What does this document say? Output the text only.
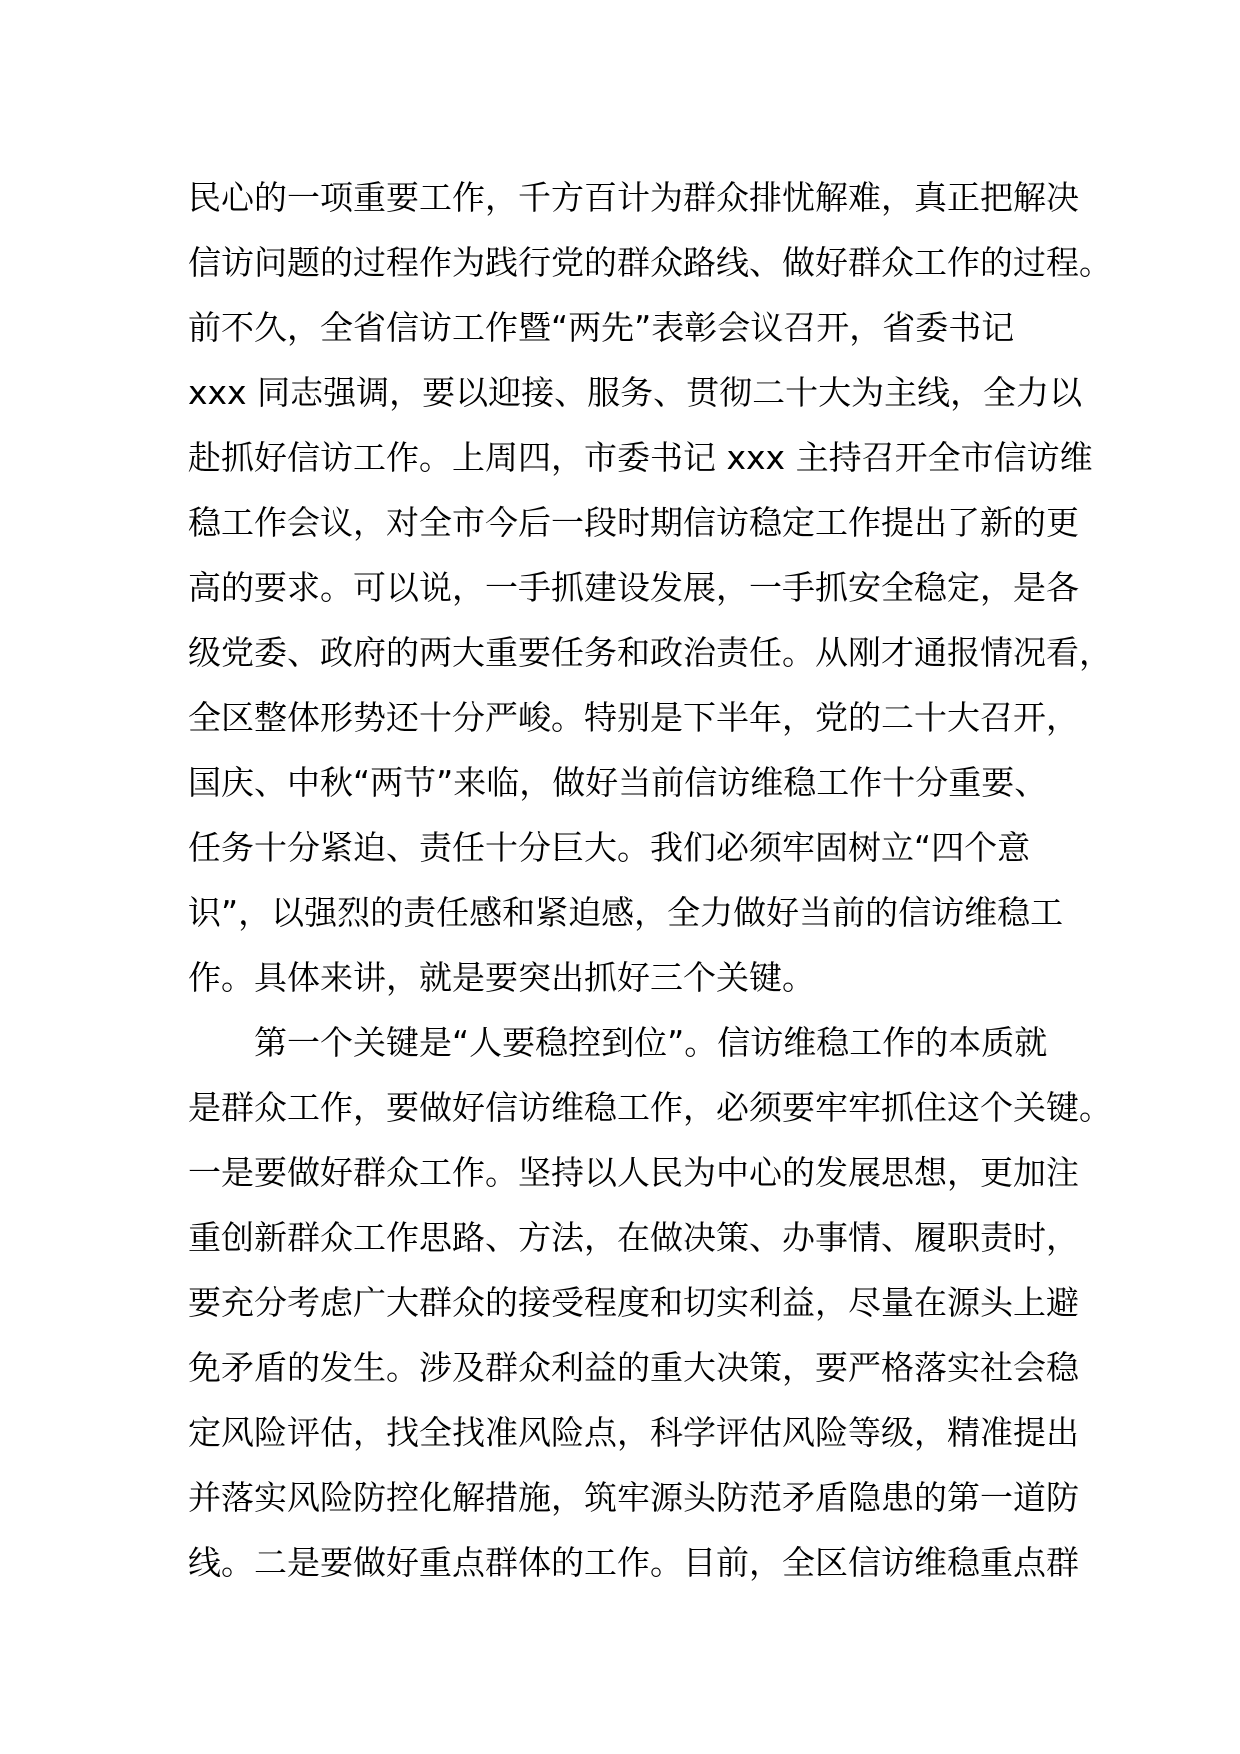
民心的一项重要工作，千方百计为群众排忧解难，真正把解决
信访问题的过程作为践行党的群众路线、做好群众工作的过程。
前不久，全省信访工作暨“两先”表彰会议召开，省委书记
xxx 同志强调，要以迎接、服务、贯彻二十大为主线，全力以
赴抓好信访工作。上周四，市委书记 xxx 主持召开全市信访维
稳工作会议，对全市今后一段时期信访稳定工作提出了新的更
高的要求。可以说，一手抓建设发展，一手抓安全稳定，是各
级党委、政府的两大重要任务和政治责任。从刚才通报情况看，
全区整体形势还十分严峻。特别是下半年，党的二十大召开，
国庆、中秋“两节”来临，做好当前信访维稳工作十分重要、
任务十分紧迫、责任十分巨大。我们必须牢固树立“四个意
识”，以强烈的责任感和紧迫感，全力做好当前的信访维稳工
作。具体来讲，就是要突出抓好三个关键。
　　第一个关键是“人要稳控到位”。信访维稳工作的本质就
是群众工作，要做好信访维稳工作，必须要牢牢抓住这个关键。
一是要做好群众工作。坚持以人民为中心的发展思想，更加注
重创新群众工作思路、方法，在做决策、办事情、履职责时，
要充分考虑广大群众的接受程度和切实利益，尽量在源头上避
免矛盾的发生。涉及群众利益的重大决策，要严格落实社会稳
定风险评估，找全找准风险点，科学评估风险等级，精准提出
并落实风险防控化解措施，筑牢源头防范矛盾隐患的第一道防
线。二是要做好重点群体的工作。目前，全区信访维稳重点群
